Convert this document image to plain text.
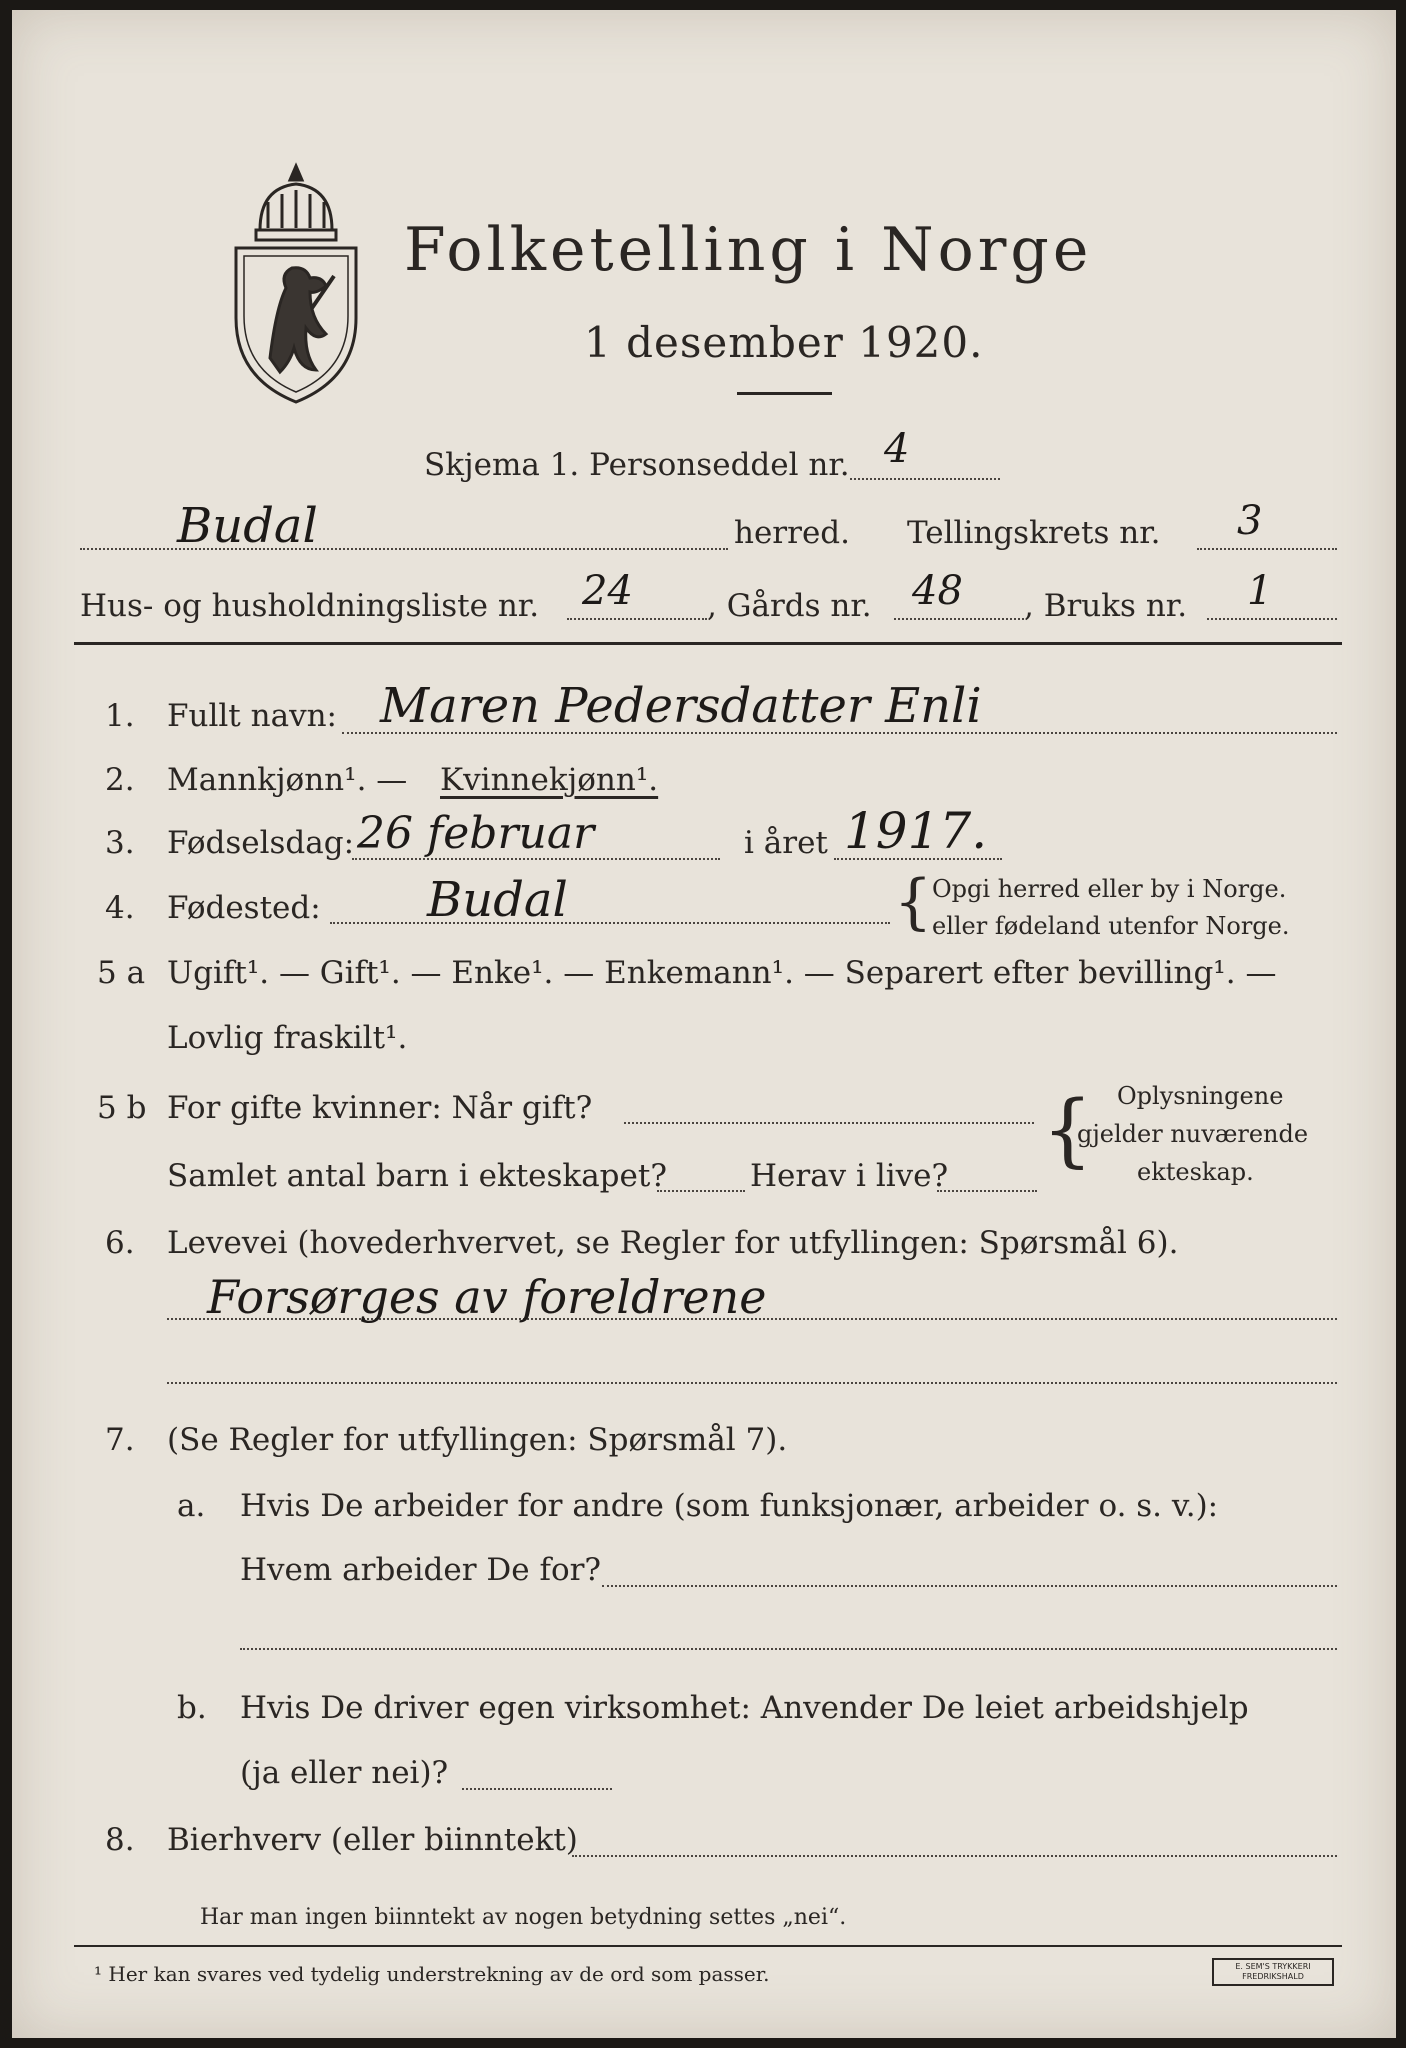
Folketelling i Norge
1 desember 1920.
Skjema 1. Personseddel nr. 4
Budal	herred. Tellingskrets nr. 3
Hus- og husholdningsliste nr. 24 , Gårds nr. 48 , Bruks nr. 1
1. Fullt navn: Maren Pedersdatter Enli
2. Mannkjønn¹. — Kvinnekjønn¹.
3. Fødselsdag: 26 februar	i året 1917.
4. Fødested: Budal	{ Opgi herred eller by i Norge.
eller fødeland utenfor Norge.
5 a Ugift¹. — Gift¹. — Enke¹. — Enkemann¹. — Separert efter bevilling¹. —
Lovlig fraskilt¹.
5 b For gifte kvinner: Når gift?
Samlet antal barn i ekteskapet?	Herav i live? { Oplysningene
gjelder nuværende
ekteskap.
6. Levevei (hovederhvervet, se Regler for utfyllingen: Spørsmål 6).
Forsørges av foreldrene
7. (Se Regler for utfyllingen: Spørsmål 7).
a. Hvis De arbeider for andre (som funksjonær, arbeider o. s. v.):
Hvem arbeider De for?
b. Hvis De driver egen virksomhet: Anvender De leiet arbeidshjelp
(ja eller nei)?
8. Bierhverv (eller biinntekt)
Har man ingen biinntekt av nogen betydning settes „nei“.
¹ Her kan svares ved tydelig understrekning av de ord som passer.	E. SEM'S TRYKKERI
FREDRIKSHALD
